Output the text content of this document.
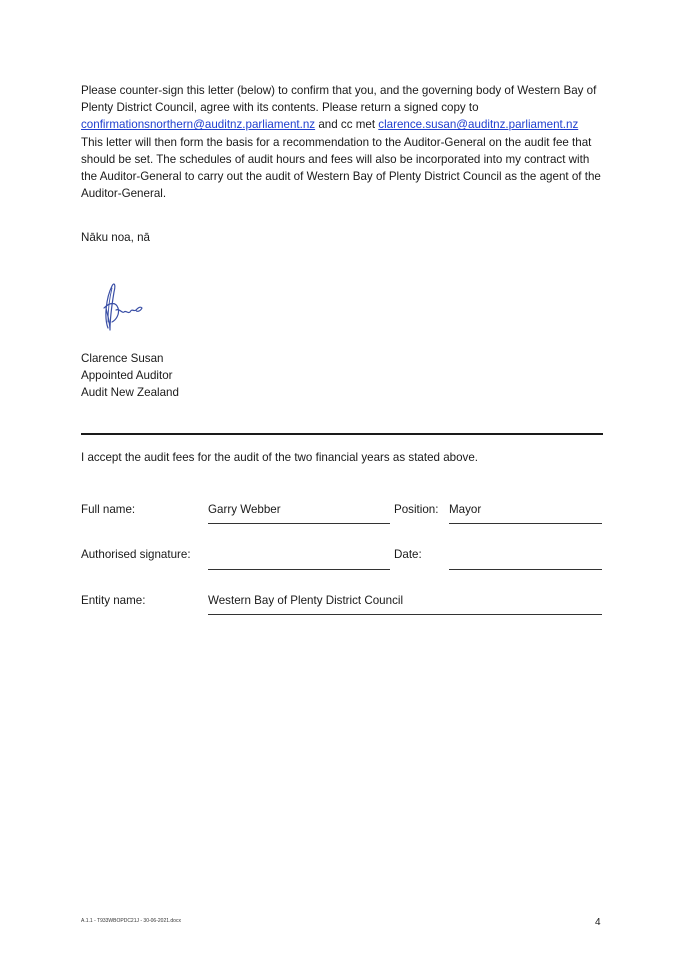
Please counter-sign this letter (below) to confirm that you, and the governing body of Western Bay of Plenty District Council, agree with its contents. Please return a signed copy to
confirmationsnorthern@auditnz.parliament.nz and cc met clarence.susan@auditnz.parliament.nz
This letter will then form the basis for a recommendation to the Auditor-General on the audit fee that should be set. The schedules of audit hours and fees will also be incorporated into my contract with the Auditor-General to carry out the audit of Western Bay of Plenty District Council as the agent of the Auditor-General.

Nāku noa, nā
Clarence Susan
Appointed Auditor
Audit New Zealand
I accept the audit fees for the audit of the two financial years as stated above.
Full name:	Garry Webber	Position: Mayor
Authorised signature:	Date:
Entity name:	Western Bay of Plenty District Council
A.1.1 - T933WBOPDC21J - 30-06-2021.docx	4
